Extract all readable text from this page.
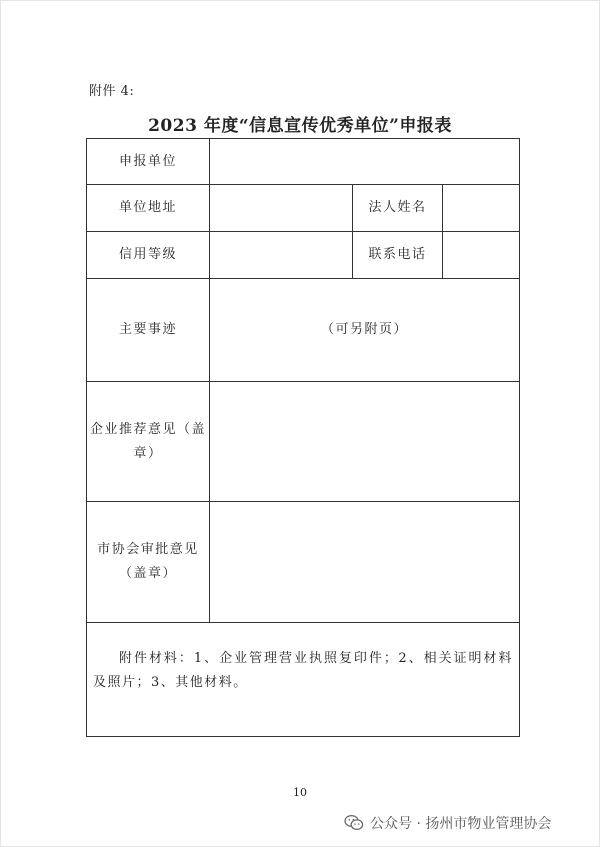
附件 4:
2023 年度“信息宣传优秀单位”申报表
申报单位			
单位地址		法人姓名	
信用等级		联系电话	
主要事迹	（可另附页）		

企业推荐意见（盖
章）			

市协会审批意见
（盖章）			

附件材料：1、企业管理营业执照复印件；2、相关证明材料及照片；3、其他材料。			
10
公众号 · 扬州市物业管理协会
